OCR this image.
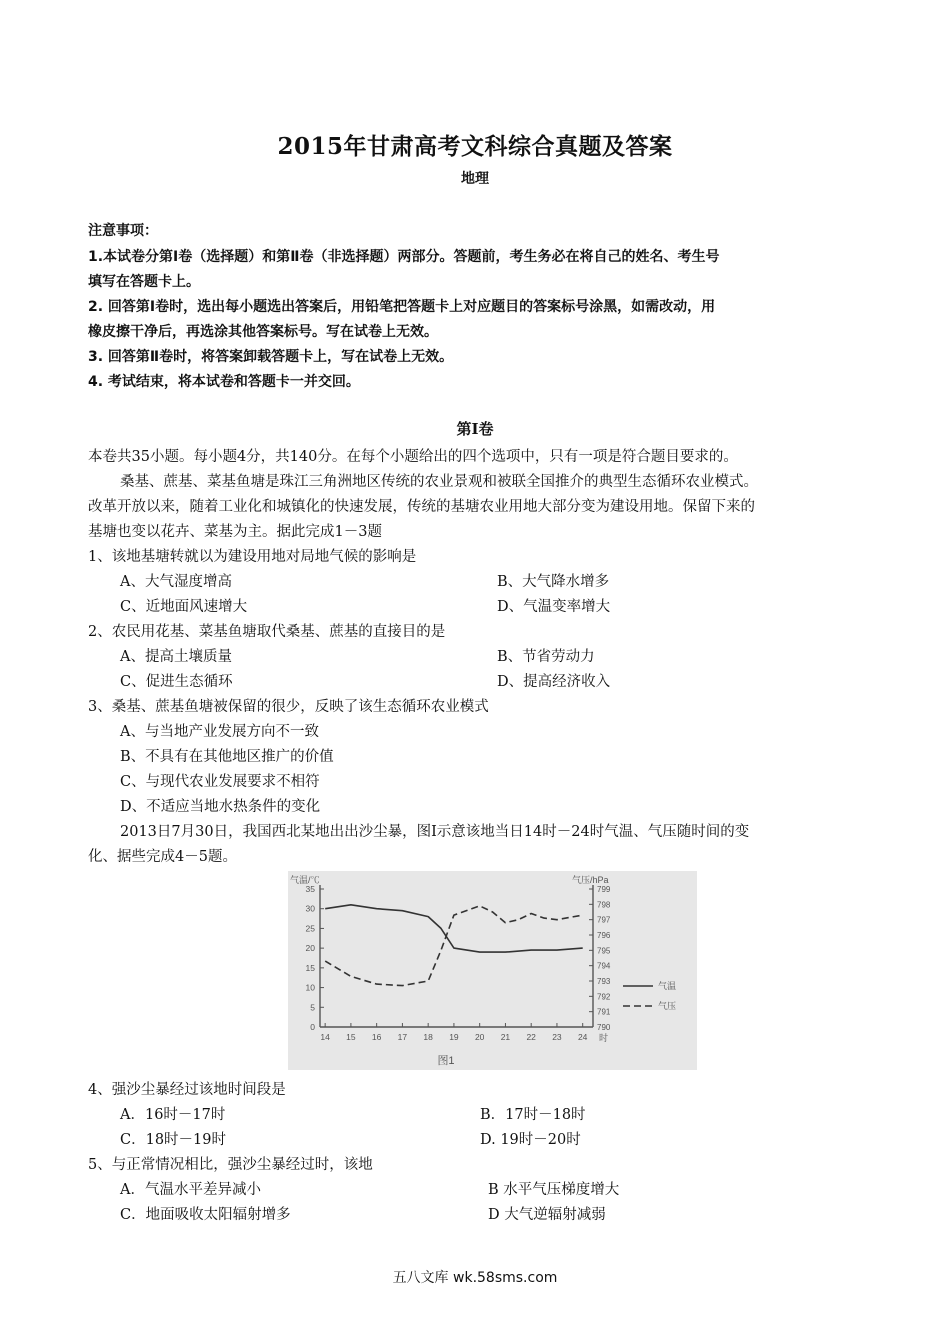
2015年甘肃高考文科综合真题及答案
地理
注意事项：
1.本试卷分第Ⅰ卷（选择题）和第Ⅱ卷（非选择题）两部分。答题前，考生务必在将自己的姓名、考生号
填写在答题卡上。
2. 回答第Ⅰ卷时，选出每小题选出答案后，用铅笔把答题卡上对应题目的答案标号涂黑，如需改动，用
橡皮擦干净后，再选涂其他答案标号。写在试卷上无效。
3. 回答第Ⅱ卷时，将答案卸载答题卡上，写在试卷上无效。
4. 考试结束，将本试卷和答题卡一并交回。
第Ⅰ卷
本卷共35小题。每小题4分，共140分。在每个小题给出的四个选项中，只有一项是符合题目要求的。
桑基、蔗基、菜基鱼塘是珠江三角洲地区传统的农业景观和被联全国推介的典型生态循环农业模式。
改革开放以来，随着工业化和城镇化的快速发展，传统的基塘农业用地大部分变为建设用地。保留下来的
基塘也变以花卉、菜基为主。据此完成1－3题
1、该地基塘转就以为建设用地对局地气候的影响是
A、大气湿度增高	B、大气降水增多
C、近地面风速增大	D、气温变率增大
2、农民用花基、菜基鱼塘取代桑基、蔗基的直接目的是
A、提高土壤质量	B、节省劳动力
C、促进生态循环	D、提高经济收入
3、桑基、蔗基鱼塘被保留的很少，反映了该生态循环农业模式
A、与当地产业发展方向不一致
B、不具有在其他地区推广的价值
C、与现代农业发展要求不相符
D、不适应当地水热条件的变化
2013日7月30日，我国西北某地出出沙尘暴，图Ⅰ示意该地当日14时－24时气温、气压随时间的变
化、据些完成4－5题。
气温/℃	气压/hPa
时
0
5
10
15
20
25
30
35
790
791
792
793
794
795
796
797
798
799
14 15 16 17 18 19 20 21 22 23 24
气温
气压
图1
4、强沙尘暴经过该地时间段是
A．16时－17时	B．17时－18时
C．18时－19时	D. 19时－20时
5、与正常情况相比，强沙尘暴经过时，该地
A．气温水平差异减小	B 水平气压梯度增大
C．地面吸收太阳辐射增多	D 大气逆辐射减弱
五八文库 wk.58sms.com
